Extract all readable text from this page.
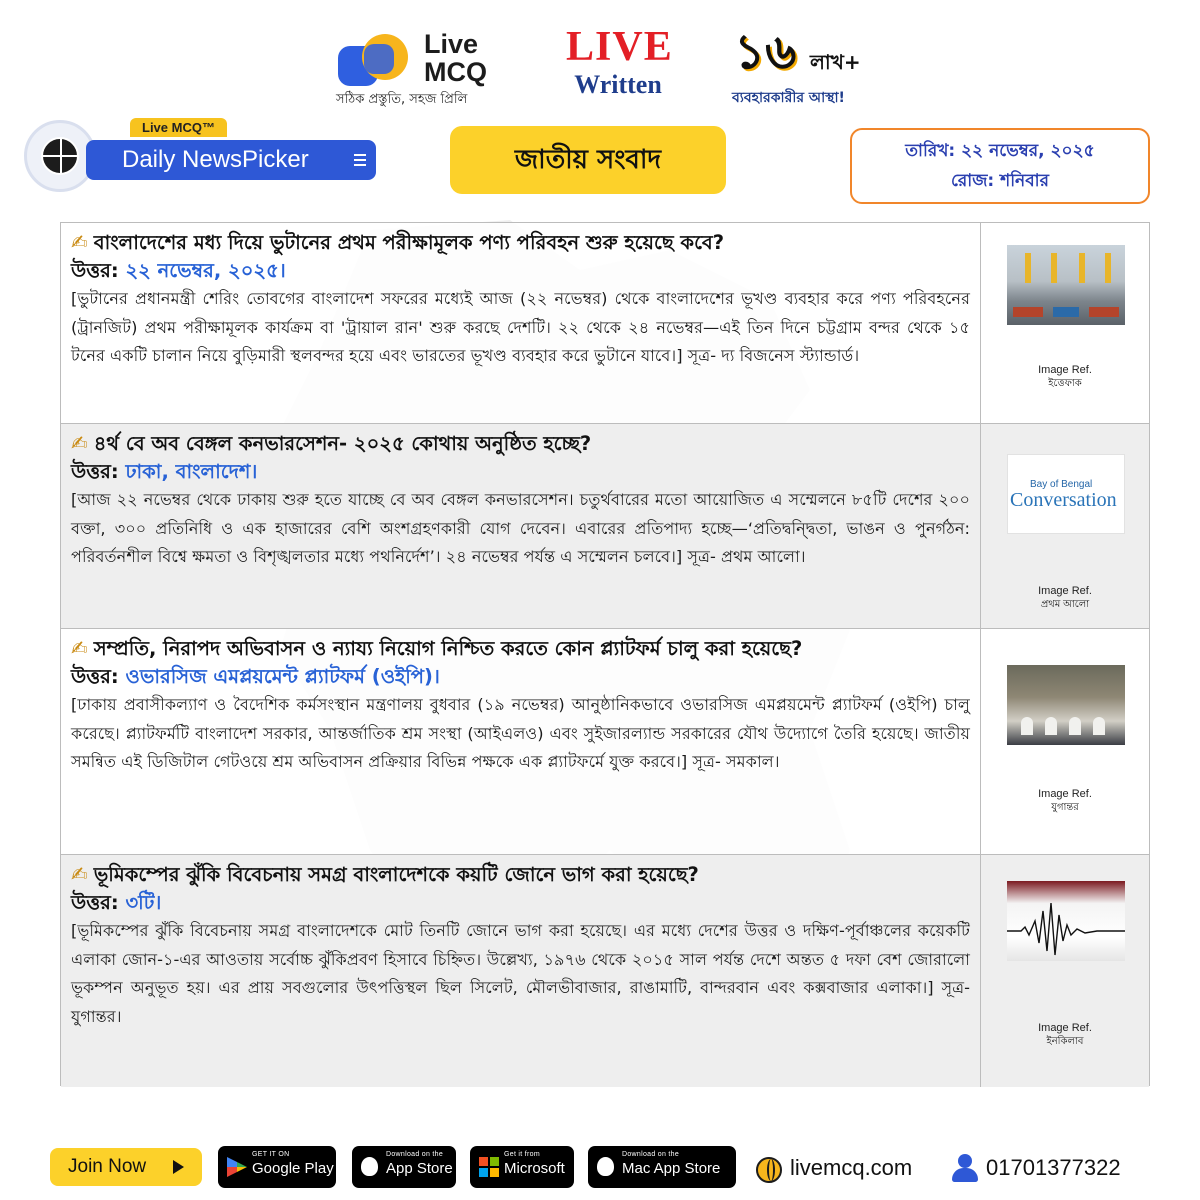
Live
MCQ
সঠিক প্রস্তুতি, সহজ প্রিলি
LIVE
Written
১৬ লাখ+
ব্যবহারকারীর আস্থা!
Live MCQ™
Daily NewsPicker	জাতীয় সংবাদ	তারিখ: ২২ নভেম্বর, ২০২৫
রোজ: শনিবার
✍ বাংলাদেশের মধ্য দিয়ে ভুটানের প্রথম পরীক্ষামূলক পণ্য পরিবহন শুরু হয়েছে কবে?
উত্তর: ২২ নভেম্বর, ২০২৫।
[ভুটানের প্রধানমন্ত্রী শেরিং তোবগের বাংলাদেশ সফরের মধ্যেই আজ (২২ নভেম্বর) থেকে বাংলাদেশের ভূখণ্ড ব্যবহার করে পণ্য পরিবহনের (ট্রানজিট) প্রথম পরীক্ষামূলক কার্যক্রম বা 'ট্রায়াল রান' শুরু করছে দেশটি। ২২ থেকে ২৪ নভেম্বর—এই তিন দিনে চট্টগ্রাম বন্দর থেকে ১৫ টনের একটি চালান নিয়ে বুড়িমারী স্থলবন্দর হয়ে এবং ভারতের ভূখণ্ড ব্যবহার করে ভুটানে যাবে।] সূত্র- দ্য বিজনেস স্ট্যান্ডার্ড।
Image Ref.
ইত্তেফাক
✍ ৪র্থ বে অব বেঙ্গল কনভারসেশন- ২০২৫ কোথায় অনুষ্ঠিত হচ্ছে?
উত্তর: ঢাকা, বাংলাদেশ।
[আজ ২২ নভেম্বর থেকে ঢাকায় শুরু হতে যাচ্ছে বে অব বেঙ্গল কনভারসেশন। চতুর্থবারের মতো আয়োজিত এ সম্মেলনে ৮৫টি দেশের ২০০ বক্তা, ৩০০ প্রতিনিধি ও এক হাজারের বেশি অংশগ্রহণকারী যোগ দেবেন। এবারের প্রতিপাদ্য হচ্ছে—‘প্রতিদ্বন্দ্বিতা, ভাঙন ও পুনর্গঠন: পরিবর্তনশীল বিশ্বে ক্ষমতা ও বিশৃঙ্খলতার মধ্যে পথনির্দেশ’। ২৪ নভেম্বর পর্যন্ত এ সম্মেলন চলবে।] সূত্র- প্রথম আলো।
Bay of Bengal
Conversation
Image Ref.
প্রথম আলো
✍ সম্প্রতি, নিরাপদ অভিবাসন ও ন্যায্য নিয়োগ নিশ্চিত করতে কোন প্ল্যাটফর্ম চালু করা হয়েছে?
উত্তর: ওভারসিজ এমপ্লয়মেন্ট প্ল্যাটফর্ম (ওইপি)।
[ঢাকায় প্রবাসীকল্যাণ ও বৈদেশিক কর্মসংস্থান মন্ত্রণালয় বুধবার (১৯ নভেম্বর) আনুষ্ঠানিকভাবে ওভারসিজ এমপ্লয়মেন্ট প্ল্যাটফর্ম (ওইপি) চালু করেছে। প্ল্যাটফর্মটি বাংলাদেশ সরকার, আন্তর্জাতিক শ্রম সংস্থা (আইএলও) এবং সুইজারল্যান্ড সরকারের যৌথ উদ্যোগে তৈরি হয়েছে। জাতীয় সমন্বিত এই ডিজিটাল গেটওয়ে শ্রম অভিবাসন প্রক্রিয়ার বিভিন্ন পক্ষকে এক প্ল্যাটফর্মে যুক্ত করবে।] সূত্র- সমকাল।
Image Ref.
যুগান্তর
✍ ভূমিকম্পের ঝুঁকি বিবেচনায় সমগ্র বাংলাদেশকে কয়টি জোনে ভাগ করা হয়েছে?
উত্তর: ৩টি।
[ভূমিকম্পের ঝুঁকি বিবেচনায় সমগ্র বাংলাদেশকে মোট তিনটি জোনে ভাগ করা হয়েছে। এর মধ্যে দেশের উত্তর ও দক্ষিণ-পূর্বাঞ্চলের কয়েকটি এলাকা জোন-১-এর আওতায় সর্বোচ্চ ঝুঁকিপ্রবণ হিসাবে চিহ্নিত। উল্লেখ্য, ১৯৭৬ থেকে ২০১৫ সাল পর্যন্ত দেশে অন্তত ৫ দফা বেশ জোরালো ভূকম্পন অনুভূত হয়। এর প্রায় সবগুলোর উৎপত্তিস্থল ছিল সিলেট, মৌলভীবাজার, রাঙামাটি, বান্দরবান এবং কক্সবাজার এলাকা।] সূত্র- যুগান্তর।
Image Ref.
ইনকিলাব
Join Now
GET IT ON
Google Play
Download on the
App Store
Get it from
Microsoft
Download on the
Mac App Store	livemcq.com	01701377322
